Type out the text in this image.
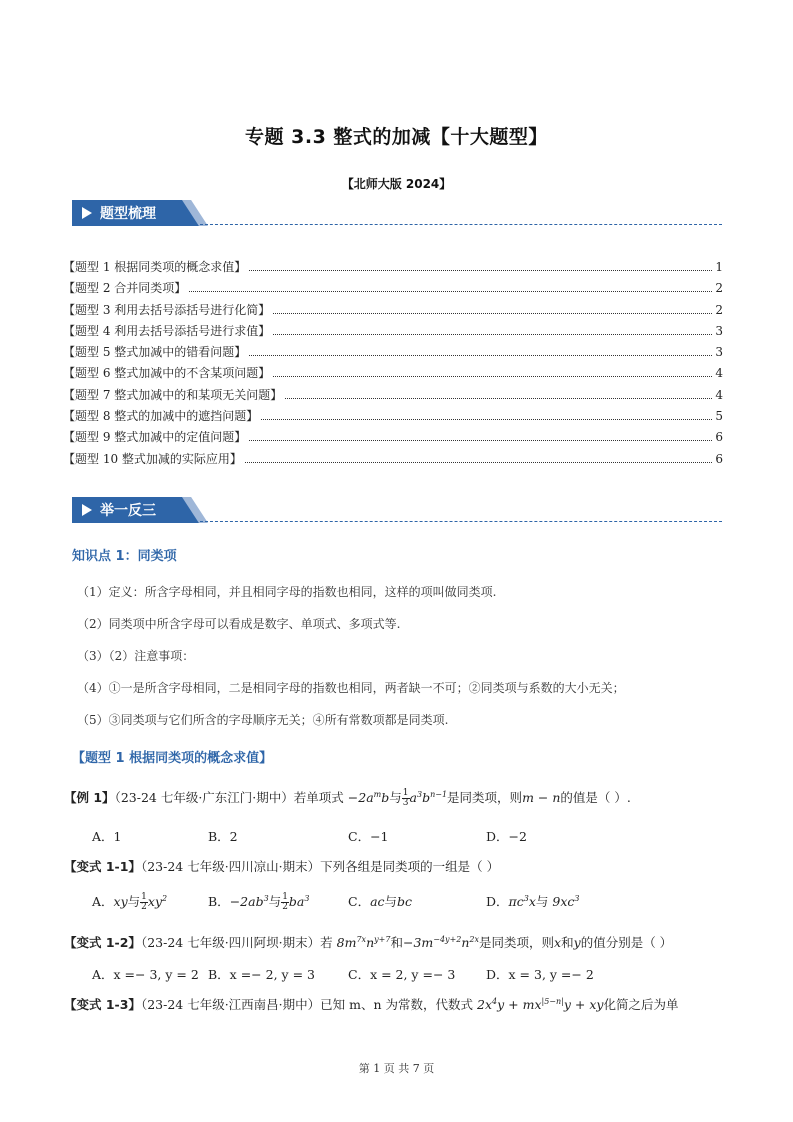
专题 3.3 整式的加减【十大题型】
【北师大版 2024】
题型梳理
【题型 1 根据同类项的概念求值】	1
【题型 2 合并同类项】	2
【题型 3 利用去括号添括号进行化简】	2
【题型 4 利用去括号添括号进行求值】	3
【题型 5 整式加减中的错看问题】	3
【题型 6 整式加减中的不含某项问题】	4
【题型 7 整式加减中的和某项无关问题】	4
【题型 8 整式的加减中的遮挡问题】	5
【题型 9 整式加减中的定值问题】	6
【题型 10 整式加减的实际应用】	6
举一反三
知识点 1：同类项
（1）定义：所含字母相同，并且相同字母的指数也相同，这样的项叫做同类项.
（2）同类项中所含字母可以看成是数字、单项式、多项式等.
（3）（2）注意事项：
（4）①一是所含字母相同，二是相同字母的指数也相同，两者缺一不可；②同类项与系数的大小无关；
（5）③同类项与它们所含的字母顺序无关；④所有常数项都是同类项.
【题型 1 根据同类项的概念求值】
【例 1】（23-24 七年级·广东江门·期中）若单项式 $-2a^mb$与 $\frac{1}{3} a^3b^{n-1}$是同类项，则m − n的值是（ ）.
A．1	B．2	C．−1	D．−2
【变式 1-1】（23-24 七年级·四川凉山·期末）下列各组是同类项的一组是（ ）
A．xy与 $\frac{1}{2} xy^2$	B．$-2ab^3$与 $\frac{1}{2} ba^3$	C．ac与bc	D．$\pi c^3x$与 $9xc^3$
【变式 1-2】（23-24 七年级·四川阿坝·期末）若 $8m^{7x}n^{y+7}$和$-3m^{-4y+2}n^{2x}$是同类项，则x和y的值分别是（ ）
A．x =− 3, y = 2 B．x =− 2, y = 3	C．x = 2, y =− 3 D．x = 3, y =− 2
【变式 1-3】（23-24 七年级·江西南昌·期中）已知 m、n 为常数，代数式 $2x^4y + mx^{|5-n|}y$ + xy化简之后为单
第 1 页 共 7 页
